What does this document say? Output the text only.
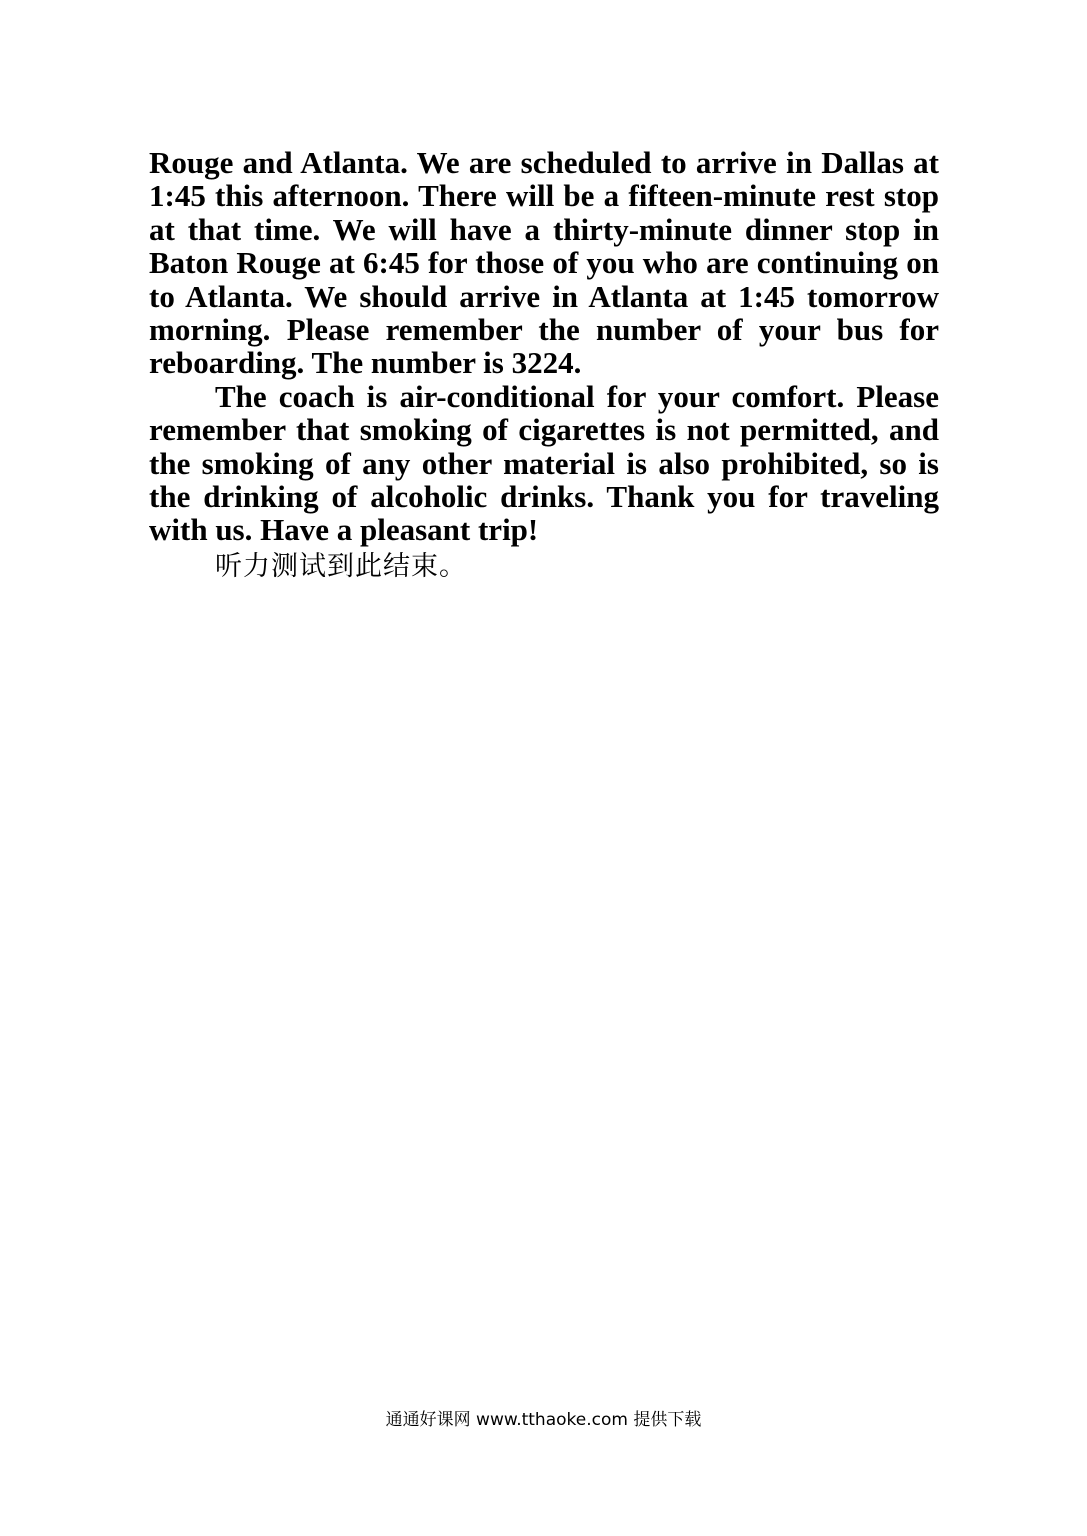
Rouge and Atlanta. We are scheduled to arrive in Dallas at 1:45 this afternoon. There will be a fifteen-minute rest stop at that time. We will have a thirty-minute dinner stop in Baton Rouge at 6:45 for those of you who are continuing on to Atlanta. We should arrive in Atlanta at 1:45 tomorrow morning. Please remember the number of your bus for reboarding. The number is 3224.

The coach is air-conditional for your comfort. Please remember that smoking of cigarettes is not permitted, and the smoking of any other material is also prohibited, so is the drinking of alcoholic drinks. Thank you for traveling with us. Have a pleasant trip!

听力测试到此结束。

通通好课网 www.tthaoke.com 提供下载
